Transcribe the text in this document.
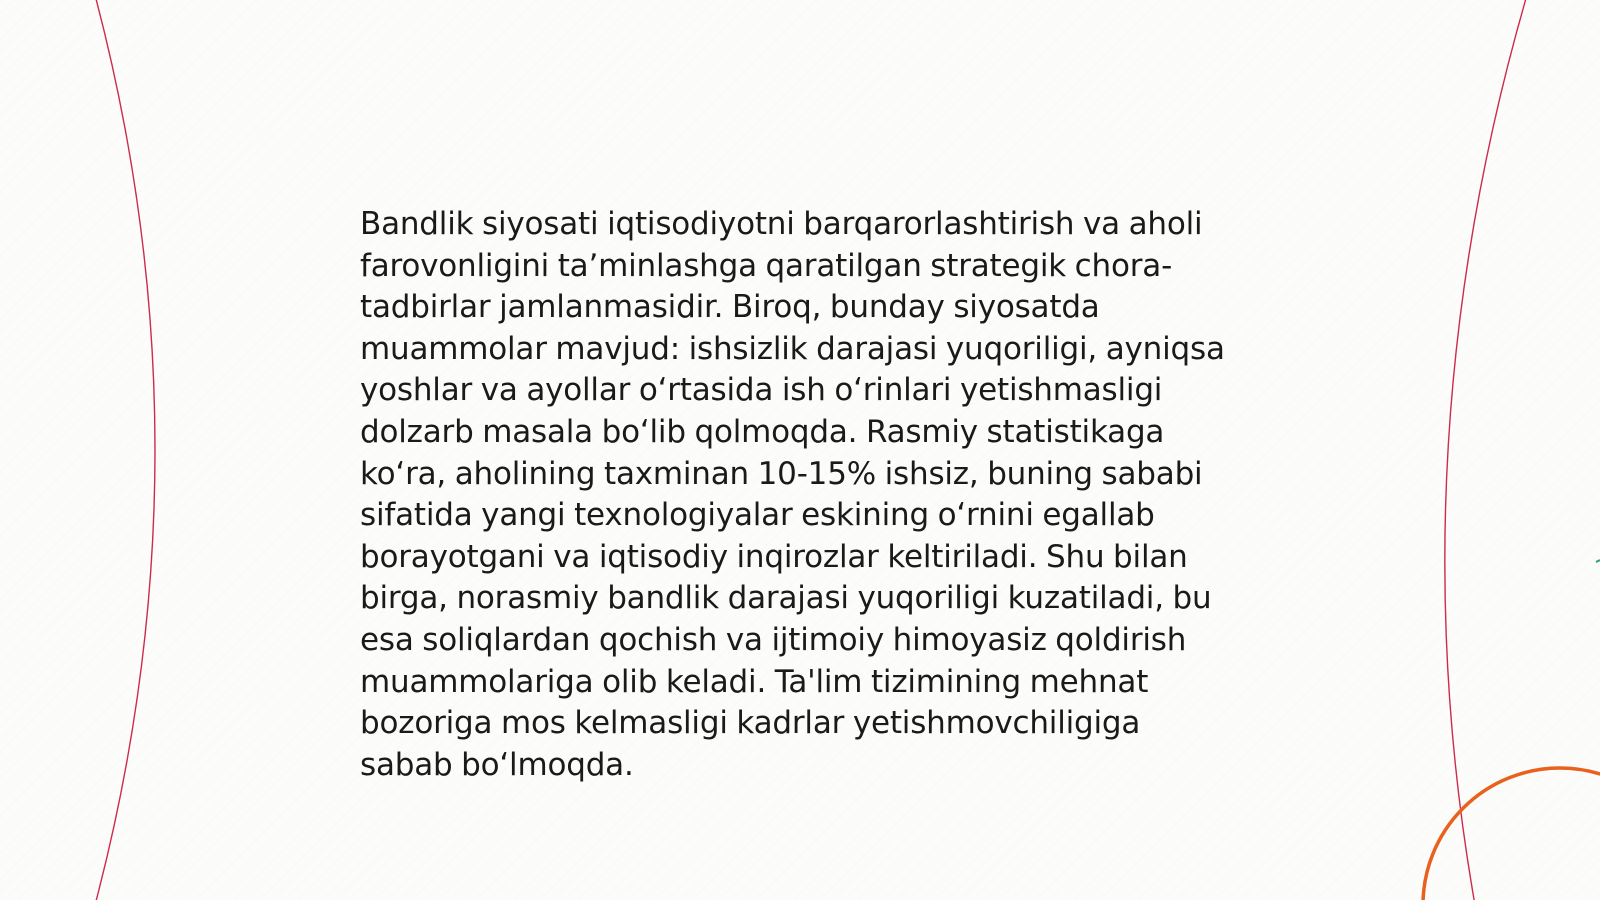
Bandlik siyosati iqtisodiyotni barqarorlashtirish va aholi farovonligini ta’minlashga qaratilgan strategik chora-tadbirlar jamlanmasidir. Biroq, bunday siyosatda muammolar mavjud: ishsizlik darajasi yuqoriligi, ayniqsa yoshlar va ayollar o‘rtasida ish o‘rinlari yetishmasligi dolzarb masala bo‘lib qolmoqda. Rasmiy statistikaga ko‘ra, aholining taxminan 10-15% ishsiz, buning sababi sifatida yangi texnologiyalar eskining o‘rnini egallab borayotgani va iqtisodiy inqirozlar keltiriladi. Shu bilan birga, norasmiy bandlik darajasi yuqoriligi kuzatiladi, bu esa soliqlardan qochish va ijtimoiy himoyasiz qoldirish muammolariga olib keladi. Ta'lim tizimining mehnat bozoriga mos kelmasligi kadrlar yetishmovchiligiga sabab bo‘lmoqda.
